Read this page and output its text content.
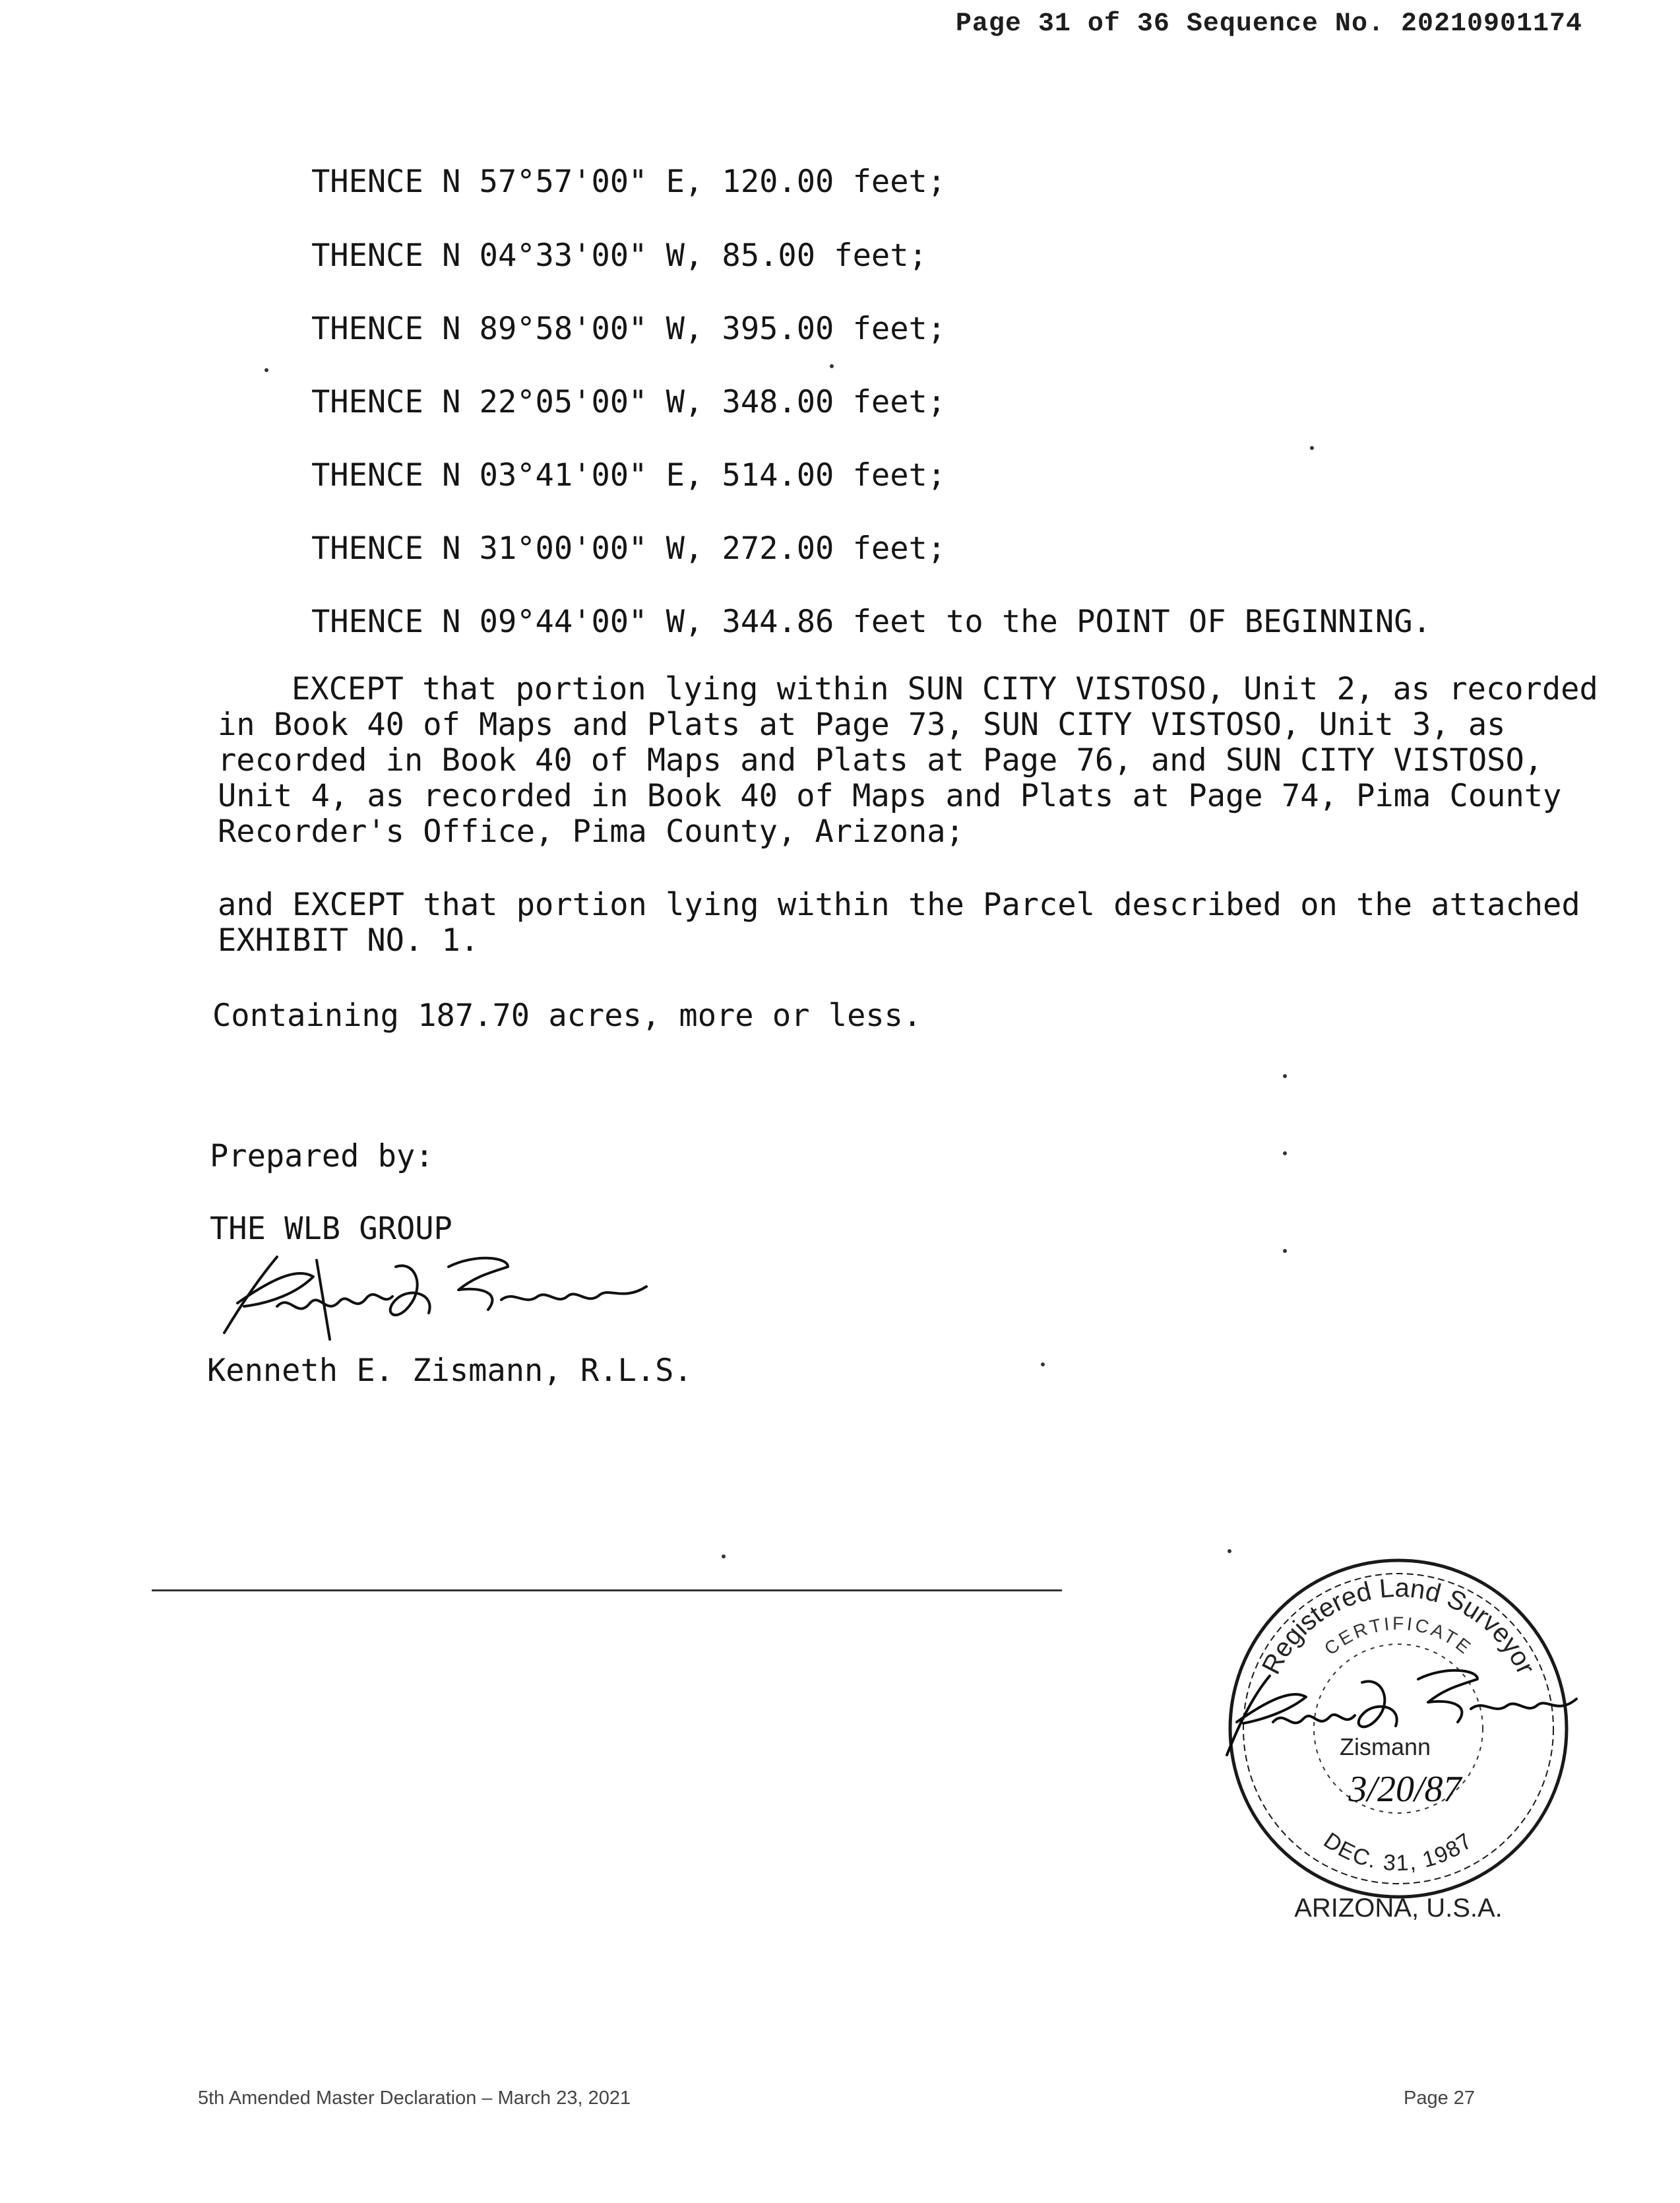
Page 31 of 36 Sequence No. 20210901174
THENCE N 57°57'00" E, 120.00 feet;
THENCE N 04°33'00" W, 85.00 feet;
THENCE N 89°58'00" W, 395.00 feet;
THENCE N 22°05'00" W, 348.00 feet;
THENCE N 03°41'00" E, 514.00 feet;
THENCE N 31°00'00" W, 272.00 feet;
THENCE N 09°44'00" W, 344.86 feet to the POINT OF BEGINNING.

EXCEPT that portion lying within SUN CITY VISTOSO, Unit 2, as recorded

in Book 40 of Maps and Plats at Page 73, SUN CITY VISTOSO, Unit 3, as

recorded in Book 40 of Maps and Plats at Page 76, and SUN CITY VISTOSO,

Unit 4, as recorded in Book 40 of Maps and Plats at Page 74, Pima County

Recorder's Office, Pima County, Arizona;

and EXCEPT that portion lying within the Parcel described on the attached

EXHIBIT NO. 1.

Containing 187.70 acres, more or less.
Prepared by:
THE WLB GROUP
Kenneth E. Zismann, R.L.S.
Registered Land Surveyor
CERTIFICATE
DEC. 31, 1987
ARIZONA, U.S.A.
Zismann
3/20/87
5th Amended Master Declaration – March 23, 2021	Page 27
